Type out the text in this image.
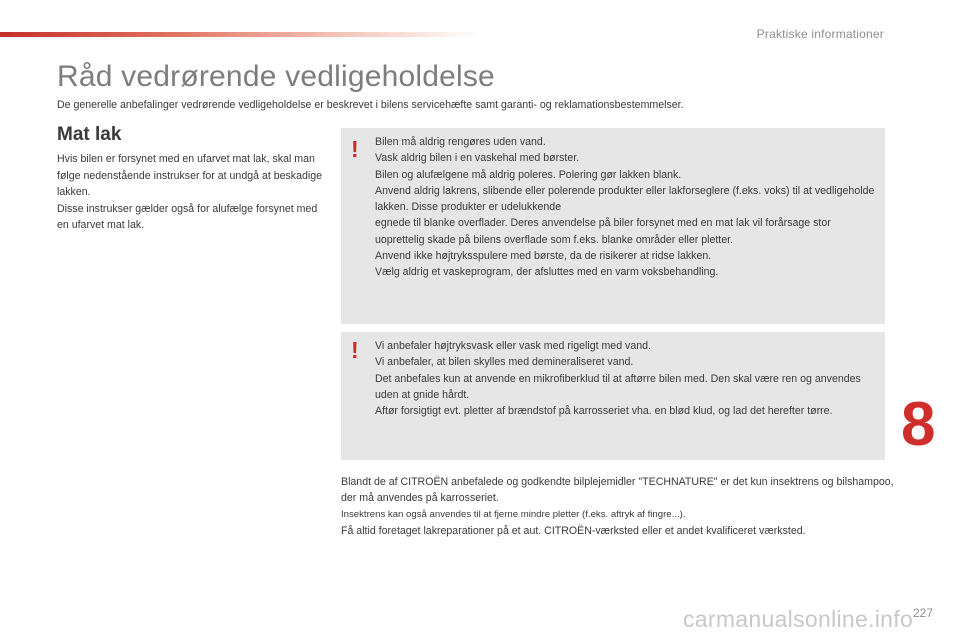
Praktiske informationer
Råd vedrørende vedligeholdelse
De generelle anbefalinger vedrørende vedligeholdelse er beskrevet i bilens servicehæfte samt garanti- og reklamationsbestemmelser.
Mat lak

Hvis bilen er forsynet med en ufarvet mat lak, skal man følge nedenstående instrukser for at undgå at beskadige lakken.

Disse instrukser gælder også for alufælge forsynet med en ufarvet mat lak.

! Bilen må aldrig rengøres uden vand.

Vask aldrig bilen i en vaskehal med børster.

Bilen og alufælgene må aldrig poleres. Polering gør lakken blank.

Anvend aldrig lakrens, slibende eller polerende produkter eller lakforseglere (f.eks. voks) til at vedligeholde lakken. Disse produkter er udelukkende

egnede til blanke overflader. Deres anvendelse på biler forsynet med en mat lak vil forårsage stor uoprettelig skade på bilens overflade som f.eks. blanke områder eller pletter.

Anvend ikke højtryksspulere med børste, da de risikerer at ridse lakken.

Vælg aldrig et vaskeprogram, der afsluttes med en varm voksbehandling.

! Vi anbefaler højtryksvask eller vask med rigeligt med vand.

Vi anbefaler, at bilen skylles med demineraliseret vand.

Det anbefales kun at anvende en mikrofiberklud til at aftørre bilen med. Den skal være ren og anvendes uden at gnide hårdt.

Aftør forsigtigt evt. pletter af brændstof på karrosseriet vha. en blød klud, og lad det herefter tørre.

Blandt de af CITROËN anbefalede og godkendte bilplejemidler "TECHNATURE" er det kun insektrens og bilshampoo, der må anvendes på karrosseriet.

Insektrens kan også anvendes til at fjerne mindre pletter (f.eks. aftryk af fingre...).

Få altid foretaget lakreparationer på et aut. CITROËN-værksted eller et andet kvalificeret værksted.

8
carmanualsonline.info 227
